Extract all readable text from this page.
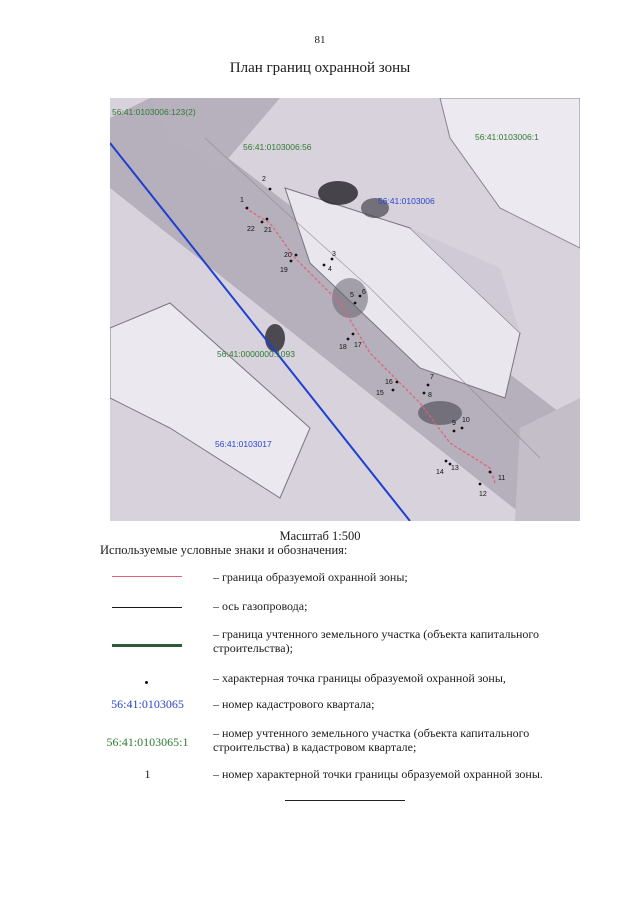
81
План границ охранной зоны
56:41:0103006:123(2)
56:41:0103006:56
56:41:0103006:1
56:41:0000000:1093
56:41:0103006
56:41:0103017
1
2
3
4
5 6
7
8
9 10
11
12
13
14
15
16
17
18
19
20
21
22
Масштаб 1:500
Используемые условные знаки и обозначения:
– граница образуемой охранной зоны;
– ось газопровода;
– граница учтенного земельного участка (объекта капитального строительства);
– характерная точка границы образуемой охранной зоны,
56:41:0103065	– номер кадастрового квартала;
56:41:0103065:1
– номер учтенного земельного участка (объекта капитального строительства) в кадастровом квартале;
1	– номер характерной точки границы образуемой охранной зоны.
